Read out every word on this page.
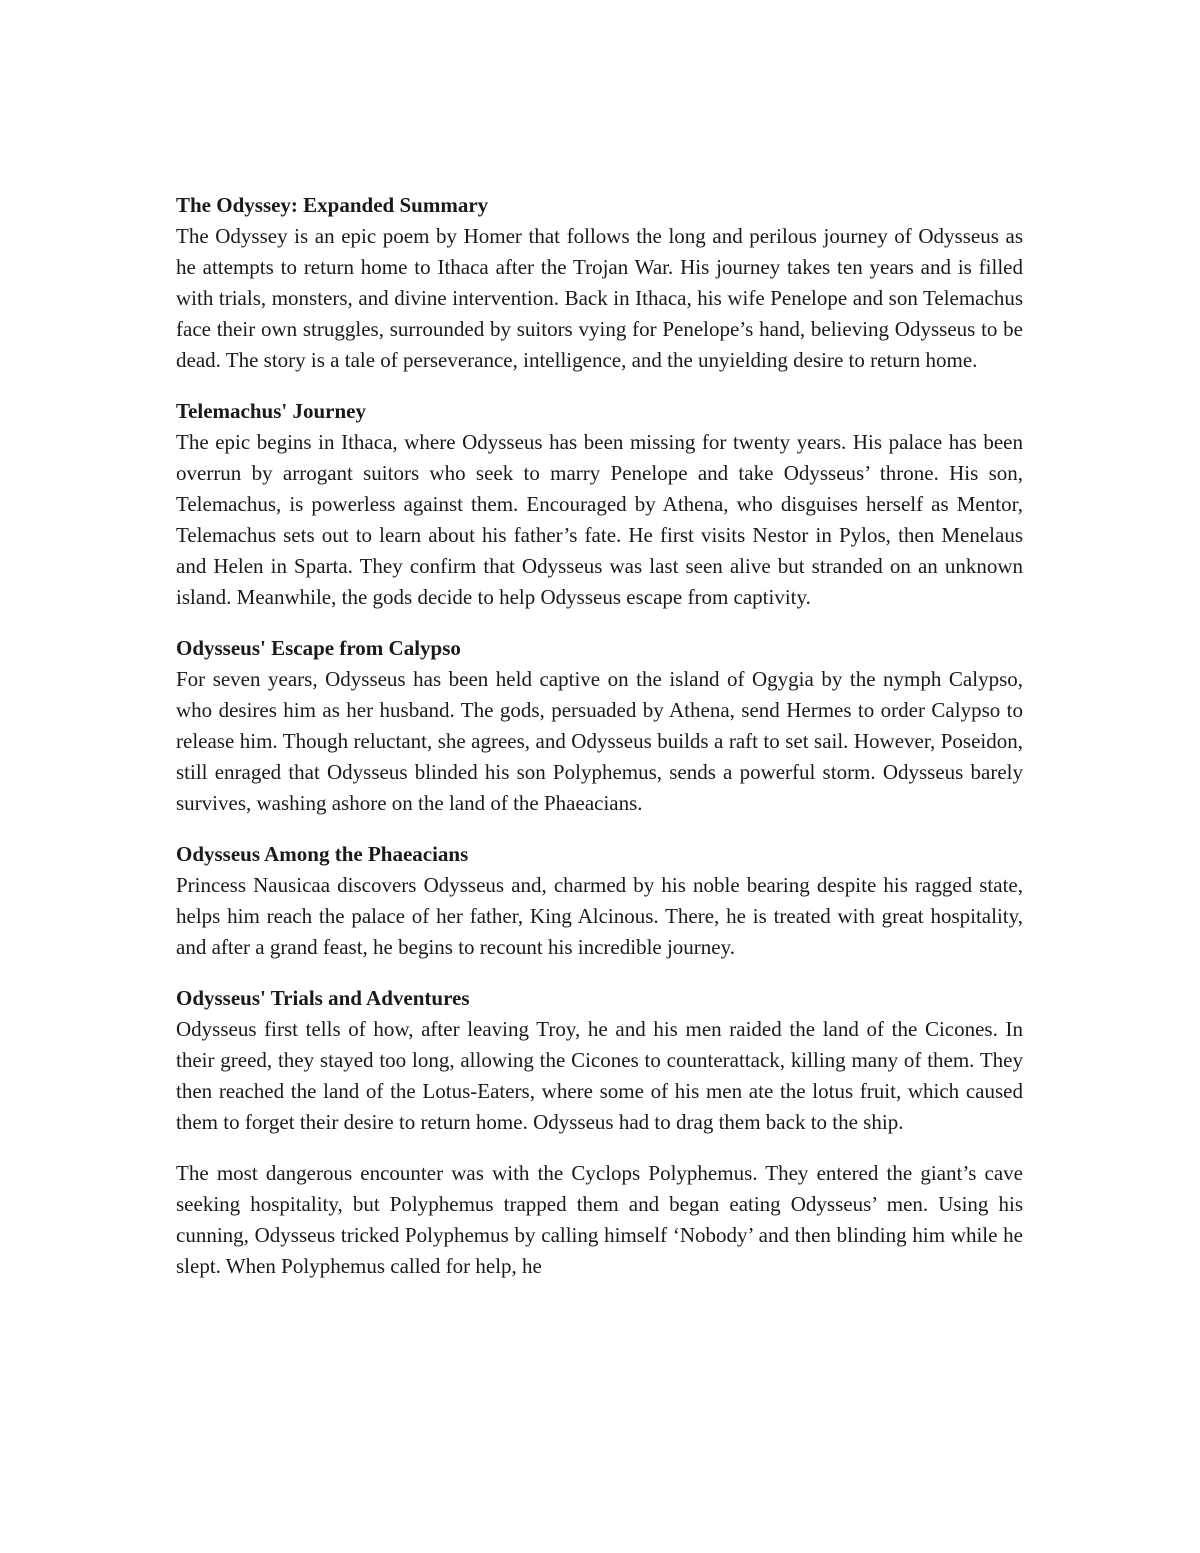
The Odyssey: Expanded Summary

The Odyssey is an epic poem by Homer that follows the long and perilous journey of Odysseus as he attempts to return home to Ithaca after the Trojan War. His journey takes ten years and is filled with trials, monsters, and divine intervention. Back in Ithaca, his wife Penelope and son Telemachus face their own struggles, surrounded by suitors vying for Penelope’s hand, believing Odysseus to be dead. The story is a tale of perseverance, intelligence, and the unyielding desire to return home.

Telemachus' Journey

The epic begins in Ithaca, where Odysseus has been missing for twenty years. His palace has been overrun by arrogant suitors who seek to marry Penelope and take Odysseus’ throne. His son, Telemachus, is powerless against them. Encouraged by Athena, who disguises herself as Mentor, Telemachus sets out to learn about his father’s fate. He first visits Nestor in Pylos, then Menelaus and Helen in Sparta. They confirm that Odysseus was last seen alive but stranded on an unknown island. Meanwhile, the gods decide to help Odysseus escape from captivity.

Odysseus' Escape from Calypso

For seven years, Odysseus has been held captive on the island of Ogygia by the nymph Calypso, who desires him as her husband. The gods, persuaded by Athena, send Hermes to order Calypso to release him. Though reluctant, she agrees, and Odysseus builds a raft to set sail. However, Poseidon, still enraged that Odysseus blinded his son Polyphemus, sends a powerful storm. Odysseus barely survives, washing ashore on the land of the Phaeacians.

Odysseus Among the Phaeacians

Princess Nausicaa discovers Odysseus and, charmed by his noble bearing despite his ragged state, helps him reach the palace of her father, King Alcinous. There, he is treated with great hospitality, and after a grand feast, he begins to recount his incredible journey.

Odysseus' Trials and Adventures

Odysseus first tells of how, after leaving Troy, he and his men raided the land of the Cicones. In their greed, they stayed too long, allowing the Cicones to counterattack, killing many of them. They then reached the land of the Lotus-Eaters, where some of his men ate the lotus fruit, which caused them to forget their desire to return home. Odysseus had to drag them back to the ship.

The most dangerous encounter was with the Cyclops Polyphemus. They entered the giant’s cave seeking hospitality, but Polyphemus trapped them and began eating Odysseus’ men. Using his cunning, Odysseus tricked Polyphemus by calling himself ‘Nobody’ and then blinding him while he slept. When Polyphemus called for help, he
